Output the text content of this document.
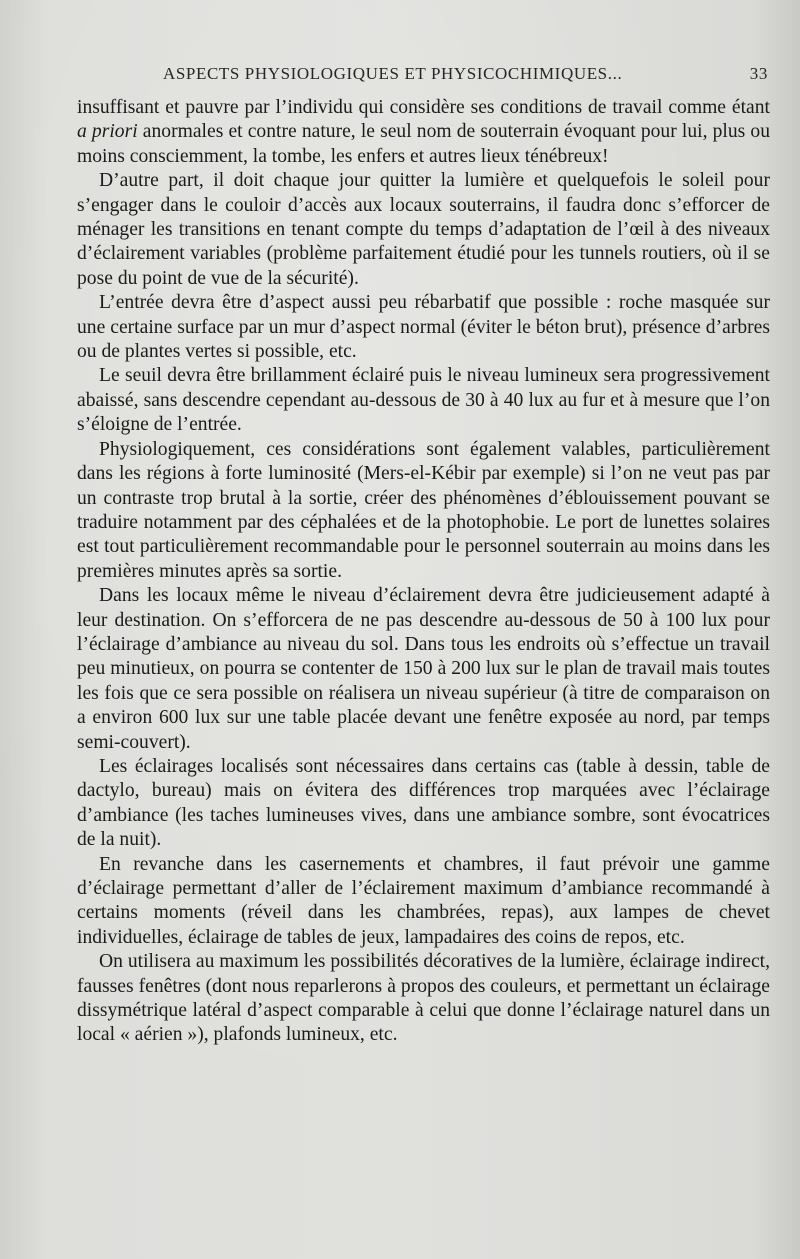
ASPECTS PHYSIOLOGIQUES ET PHYSICOCHIMIQUES...	33

insuffisant et pauvre par l’individu qui considère ses conditions de travail comme étant a priori anormales et contre nature, le seul nom de souterrain évoquant pour lui, plus ou moins consciemment, la tombe, les enfers et autres lieux ténébreux!

D’autre part, il doit chaque jour quitter la lumière et quelquefois le soleil pour s’engager dans le couloir d’accès aux locaux souterrains, il faudra donc s’efforcer de ménager les transitions en tenant compte du temps d’adaptation de l’œil à des niveaux d’éclairement variables (problème parfaitement étudié pour les tunnels routiers, où il se pose du point de vue de la sécurité).

L’entrée devra être d’aspect aussi peu rébarbatif que possible : roche masquée sur une certaine surface par un mur d’aspect normal (éviter le béton brut), présence d’arbres ou de plantes vertes si possible, etc.

Le seuil devra être brillamment éclairé puis le niveau lumineux sera progressivement abaissé, sans descendre cependant au-dessous de 30 à 40 lux au fur et à mesure que l’on s’éloigne de l’entrée.

Physiologiquement, ces considérations sont également valables, particulièrement dans les régions à forte luminosité (Mers-el-Kébir par exemple) si l’on ne veut pas par un contraste trop brutal à la sortie, créer des phénomènes d’éblouissement pouvant se traduire notamment par des céphalées et de la photophobie. Le port de lunettes solaires est tout particulièrement recommandable pour le personnel souterrain au moins dans les premières minutes après sa sortie.

Dans les locaux même le niveau d’éclairement devra être judicieusement adapté à leur destination. On s’efforcera de ne pas descendre au-dessous de 50 à 100 lux pour l’éclairage d’ambiance au niveau du sol. Dans tous les endroits où s’effectue un travail peu minutieux, on pourra se contenter de 150 à 200 lux sur le plan de travail mais toutes les fois que ce sera possible on réalisera un niveau supérieur (à titre de comparaison on a environ 600 lux sur une table placée devant une fenêtre exposée au nord, par temps semi-couvert).

Les éclairages localisés sont nécessaires dans certains cas (table à dessin, table de dactylo, bureau) mais on évitera des différences trop marquées avec l’éclairage d’ambiance (les taches lumineuses vives, dans une ambiance sombre, sont évocatrices de la nuit).

En revanche dans les casernements et chambres, il faut prévoir une gamme d’éclairage permettant d’aller de l’éclairement maximum d’ambiance recommandé à certains moments (réveil dans les chambrées, repas), aux lampes de chevet individuelles, éclairage de tables de jeux, lampadaires des coins de repos, etc.

On utilisera au maximum les possibilités décoratives de la lumière, éclairage indirect, fausses fenêtres (dont nous reparlerons à propos des couleurs, et permettant un éclairage dissymétrique latéral d’aspect comparable à celui que donne l’éclairage naturel dans un local « aérien »), plafonds lumineux, etc.
